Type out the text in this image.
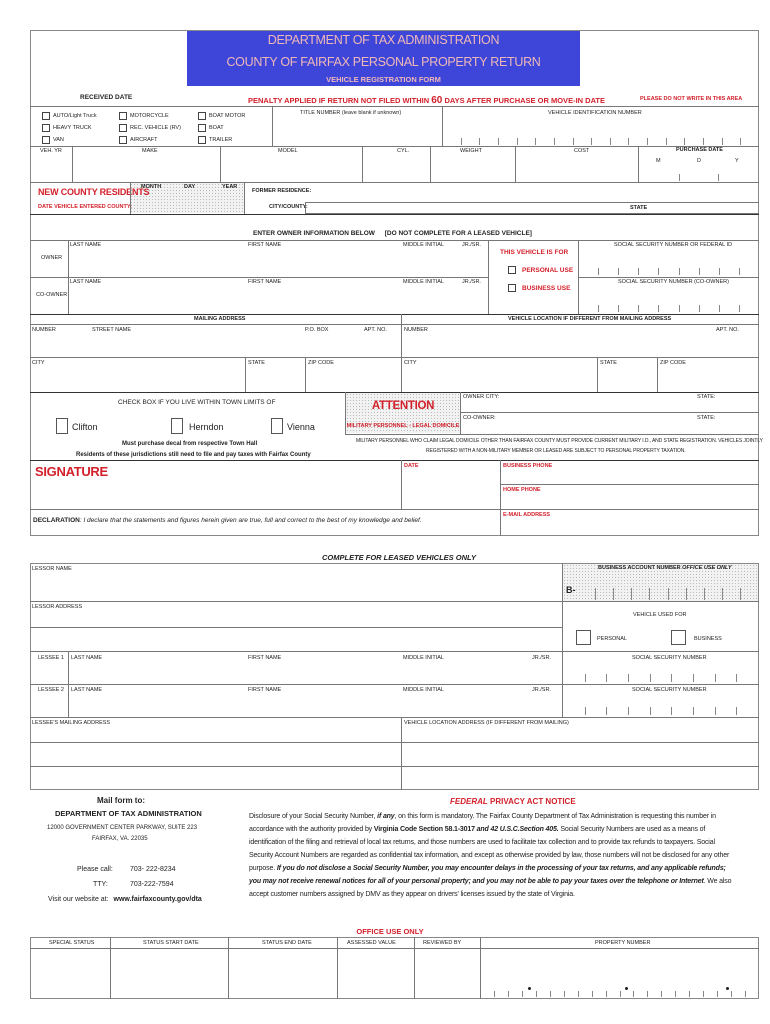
DEPARTMENT OF TAX ADMINISTRATION
COUNTY OF FAIRFAX PERSONAL PROPERTY RETURN
VEHICLE REGISTRATION FORM
RECEIVED DATE	PENALTY APPLIED IF RETURN NOT FILED WITHIN 60 DAYS AFTER PURCHASE OR MOVE-IN DATE	PLEASE DO NOT WRITE IN THIS AREA
AUTO/Light Truck
HEAVY TRUCK
VAN
MOTORCYCLE
REC. VEHICLE (RV)
AIRCRAFT
BOAT MOTOR
BOAT
TRAILER
TITLE NUMBER (leave blank if unknown)	VEHICLE IDENTIFICATION NUMBER
VEH. YR	MAKE	MODEL	CYL.	WEIGHT	COST	PURCHASE DATE
M	D	Y
NEW COUNTY RESIDENTS
DATE VEHICLE ENTERED COUNTY:
MONTH	DAY	YEAR
FORMER RESIDENCE:
CITY/COUNTY:	STATE
ENTER OWNER INFORMATION BELOW [DO NOT COMPLETE FOR A LEASED VEHICLE]
LAST NAME	FIRST NAME	MIDDLE INITIAL	JR./SR.
OWNER
THIS VEHICLE IS FOR
PERSONAL USE
BUSINESS USE
SOCIAL SECURITY NUMBER OR FEDERAL ID
LAST NAME	FIRST NAME	MIDDLE INITIAL	JR./SR.
CO-OWNER
SOCIAL SECURITY NUMBER (CO-OWNER)
MAILING ADDRESS	VEHICLE LOCATION IF DIFFERENT FROM MAILING ADDRESS
NUMBER	STREET NAME	P.O. BOX	APT. NO.	NUMBER	APT. NO.
CITY	STATE	ZIP CODE	CITY	STATE	ZIP CODE
CHECK BOX IF YOU LIVE WITHIN TOWN LIMITS OF
Clifton	Herndon	Vienna
Must purchase decal from respective Town Hall
Residents of these jurisdictions still need to file and pay taxes with Fairfax County
ATTENTION
MILITARY PERSONNEL - LEGAL DOMICILE
OWNER CITY:	STATE:
CO-OWNER:	STATE:
MILITARY PERSONNEL WHO CLAIM LEGAL DOMICILE OTHER THAN FAIRFAX COUNTY MUST PROVIDE CURRENT MILITARY I.D., AND STATE REGISTRATION. VEHICLES JOINTLY
REGISTERED WITH A NON-MILITARY MEMBER OR LEASED ARE SUBJECT TO PERSONAL PROPERTY TAXATION.
SIGNATURE	DATE	BUSINESS PHONE
HOME PHONE
E-MAIL ADDRESS
DECLARATION: I declare that the statements and figures herein given are true, full and correct to the best of my knowledge and belief.
COMPLETE FOR LEASED VEHICLES ONLY
LESSOR NAME	BUSINESS ACCOUNT NUMBER OFFICE USE ONLY
B-
LESSOR ADDRESS
VEHICLE USED FOR
PERSONAL	BUSINESS
LESSEE 1 LAST NAME	FIRST NAME	MIDDLE INITIAL	JR./SR.	SOCIAL SECURITY NUMBER
LESSEE 2 LAST NAME	FIRST NAME	MIDDLE INITIAL	JR./SR.	SOCIAL SECURITY NUMBER
LESSEE'S MAILING ADDRESS	VEHICLE LOCATION ADDRESS (IF DIFFERENT FROM MAILING)
Mail form to:
DEPARTMENT OF TAX ADMINISTRATION
12000 GOVERNMENT CENTER PARKWAY, SUITE 223
FAIRFAX, VA. 22035
Please call: 703- 222-8234
TTY:	703-222-7594
Visit our website at: www.fairfaxcounty.gov/dta
FEDERAL PRIVACY ACT NOTICE
Disclosure of your Social Security Number, if any, on this form is mandatory. The Fairfax County Department of Tax Administration is requesting this number in
accordance with the authority provided by Virginia Code Section 58.1-3017 and 42 U.S.C.Section 405. Social Security Numbers are used as a means of
identification of the filing and retrieval of local tax returns, and those numbers are used to facilitate tax collection and to provide tax refunds to taxpayers. Social
Security Account Numbers are regarded as confidential tax information, and except as otherwise provided by law, those numbers will not be disclosed for any other
purpose. If you do not disclose a Social Security Number, you may encounter delays in the processing of your tax returns, and any applicable refunds;
you may not receive renewal notices for all of your personal property; and you may not be able to pay your taxes over the telephone or Internet. We also
accept customer numbers assigned by DMV as they appear on drivers' licenses issued by the state of Virginia.
OFFICE USE ONLY
SPECIAL STATUS	STATUS START DATE	STATUS END DATE	ASSESSED VALUE	REVIEWED BY	PROPERTY NUMBER
